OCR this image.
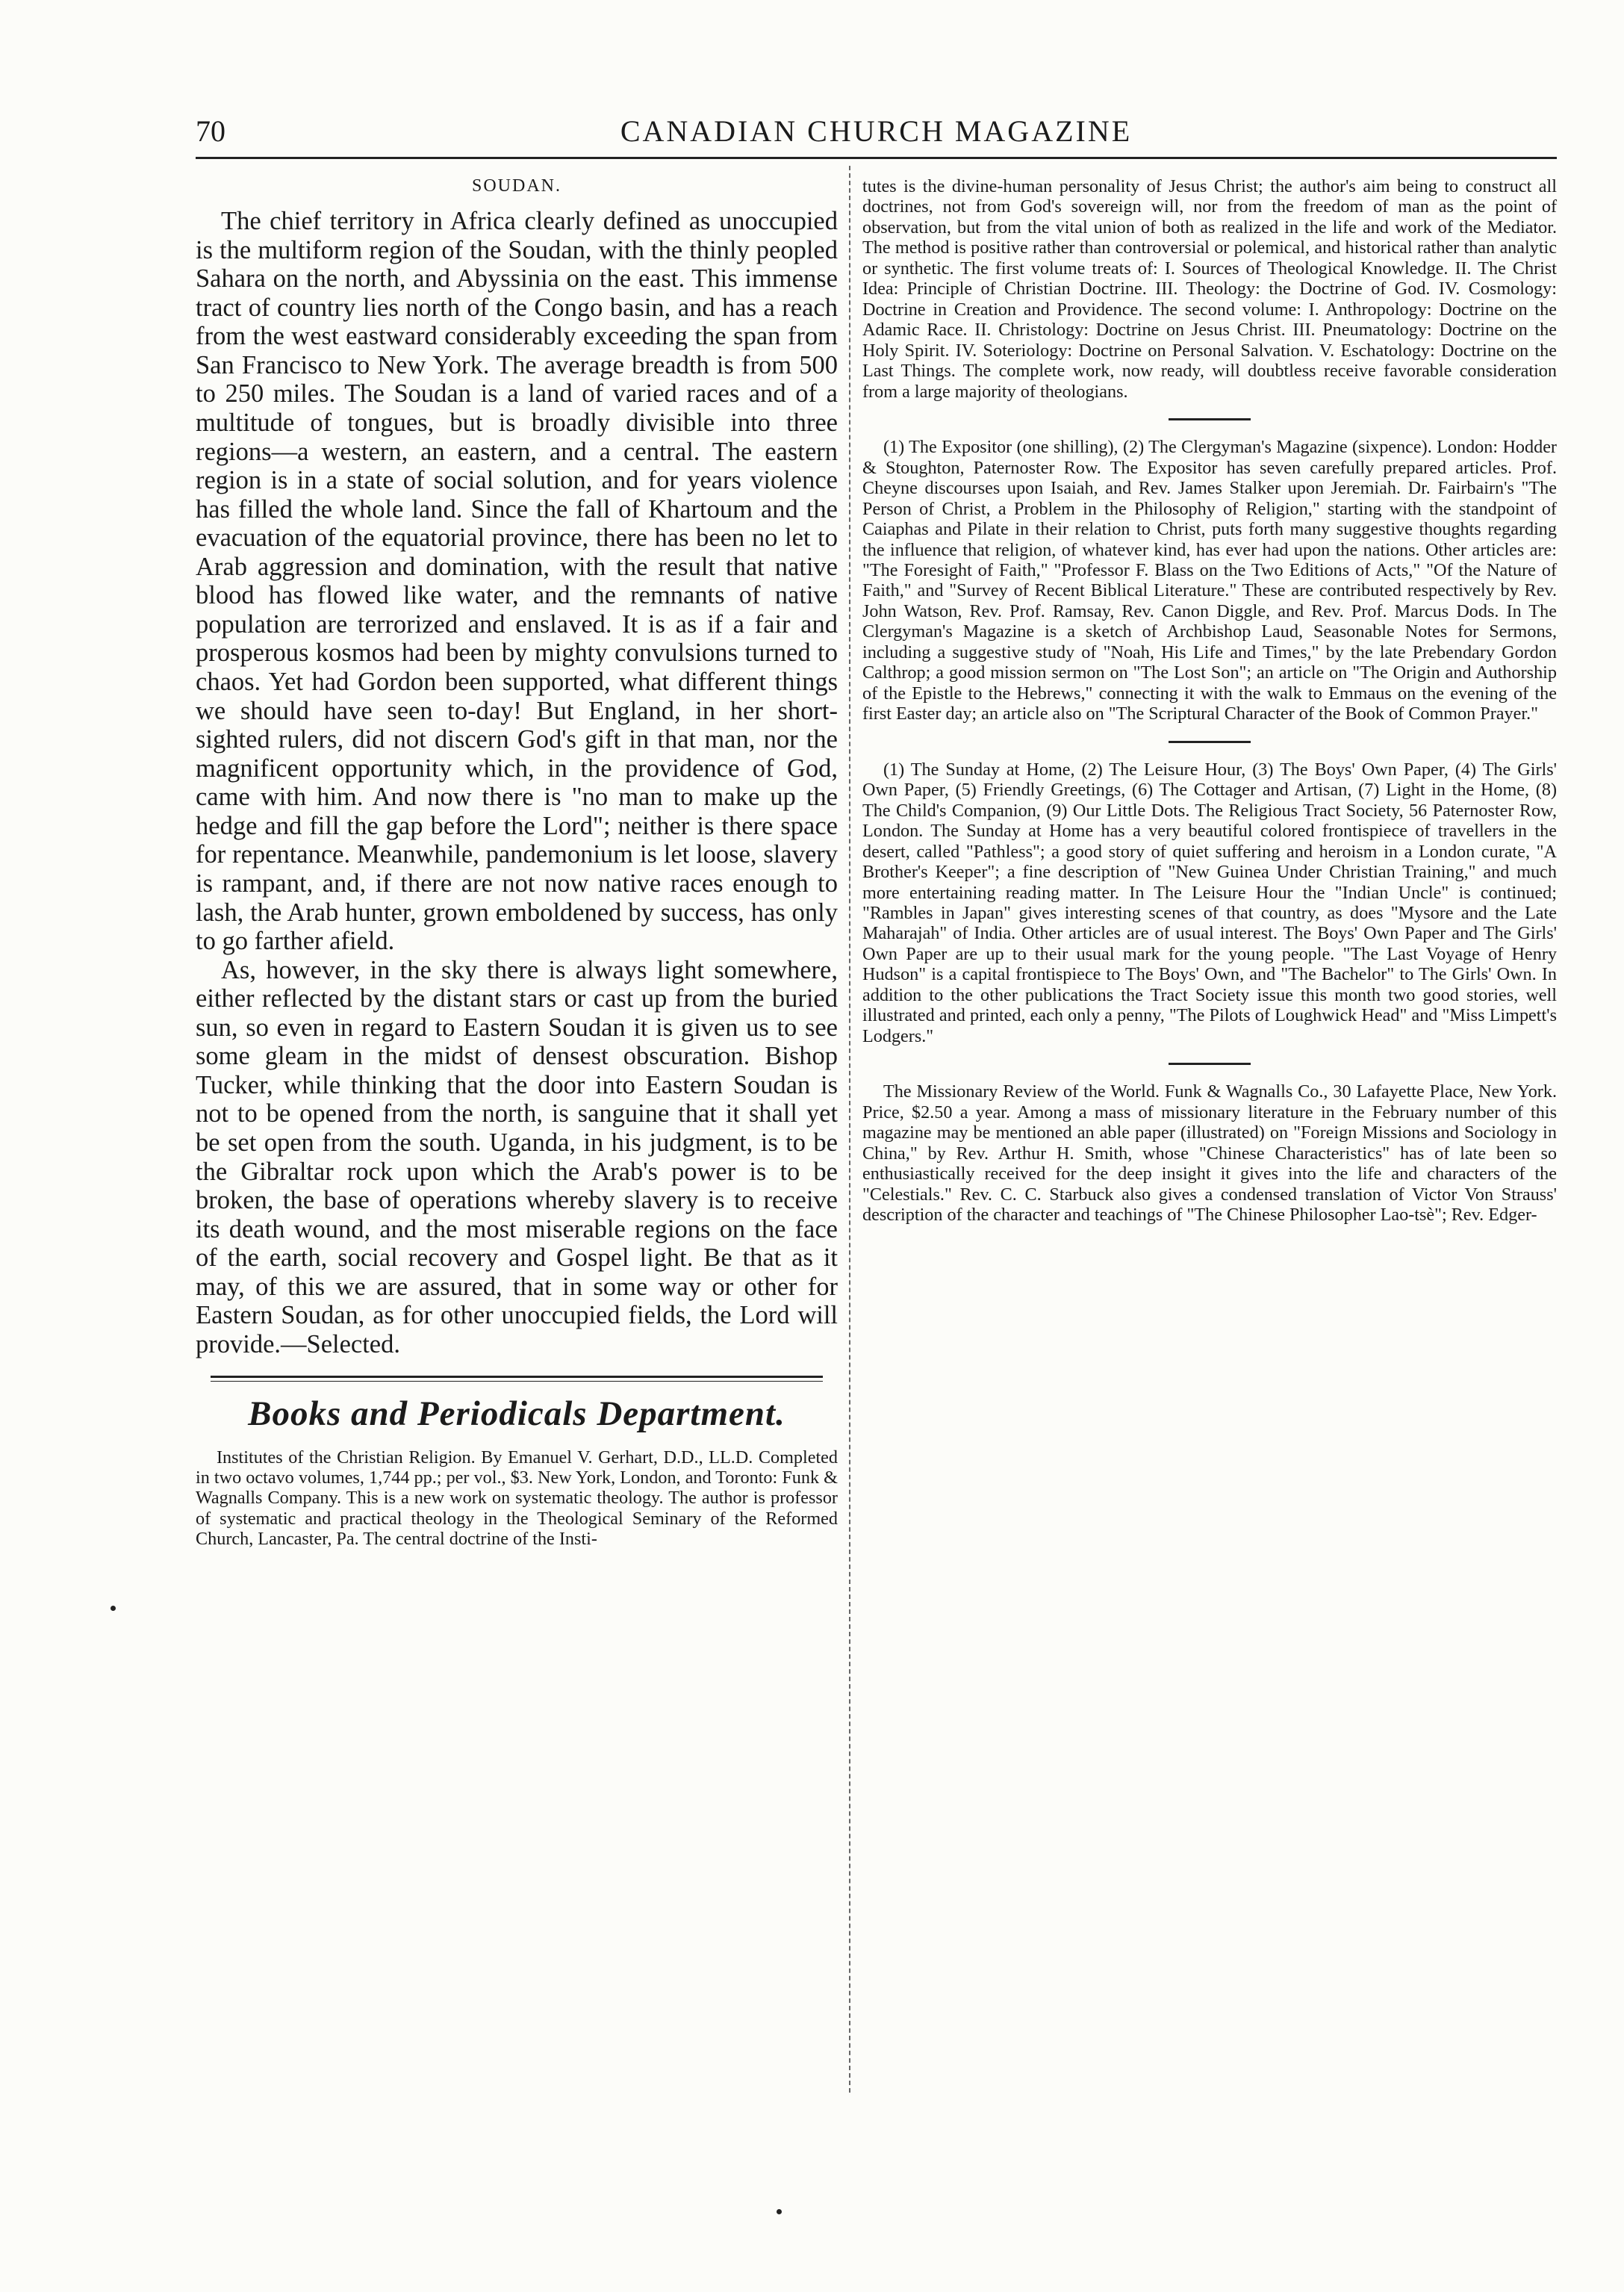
70	CANADIAN CHURCH MAGAZINE
SOUDAN.

The chief territory in Africa clearly defined as unoccupied is the multiform region of the Soudan, with the thinly peopled Sahara on the north, and Abyssinia on the east. This immense tract of country lies north of the Congo basin, and has a reach from the west eastward considerably exceeding the span from San Francisco to New York. The average breadth is from 500 to 250 miles. The Soudan is a land of varied races and of a multitude of tongues, but is broadly divisible into three regions—a western, an eastern, and a central. The eastern region is in a state of social solution, and for years violence has filled the whole land. Since the fall of Khartoum and the evacuation of the equatorial province, there has been no let to Arab aggression and domination, with the result that native blood has flowed like water, and the remnants of native population are terrorized and enslaved. It is as if a fair and prosperous kosmos had been by mighty convulsions turned to chaos. Yet had Gordon been supported, what different things we should have seen to-day! But England, in her short-sighted rulers, did not discern God's gift in that man, nor the magnificent opportunity which, in the providence of God, came with him. And now there is "no man to make up the hedge and fill the gap before the Lord"; neither is there space for repentance. Meanwhile, pandemonium is let loose, slavery is rampant, and, if there are not now native races enough to lash, the Arab hunter, grown emboldened by success, has only to go farther afield.

As, however, in the sky there is always light somewhere, either reflected by the distant stars or cast up from the buried sun, so even in regard to Eastern Soudan it is given us to see some gleam in the midst of densest obscuration. Bishop Tucker, while thinking that the door into Eastern Soudan is not to be opened from the north, is sanguine that it shall yet be set open from the south. Uganda, in his judgment, is to be the Gibraltar rock upon which the Arab's power is to be broken, the base of operations whereby slavery is to receive its death wound, and the most miserable regions on the face of the earth, social recovery and Gospel light. Be that as it may, of this we are assured, that in some way or other for Eastern Soudan, as for other unoccupied fields, the Lord will provide.—Selected.

Books and Periodicals Department.

Institutes of the Christian Religion. By Emanuel V. Gerhart, D.D., LL.D. Completed in two octavo volumes, 1,744 pp.; per vol., $3. New York, London, and Toronto: Funk & Wagnalls Company. This is a new work on systematic theology. The author is professor of systematic and practical theology in the Theological Seminary of the Reformed Church, Lancaster, Pa. The central doctrine of the Insti-

tutes is the divine-human personality of Jesus Christ; the author's aim being to construct all doctrines, not from God's sovereign will, nor from the freedom of man as the point of observation, but from the vital union of both as realized in the life and work of the Mediator. The method is positive rather than controversial or polemical, and historical rather than analytic or synthetic. The first volume treats of: I. Sources of Theological Knowledge. II. The Christ Idea: Principle of Christian Doctrine. III. Theology: the Doctrine of God. IV. Cosmology: Doctrine in Creation and Providence. The second volume: I. Anthropology: Doctrine on the Adamic Race. II. Christology: Doctrine on Jesus Christ. III. Pneumatology: Doctrine on the Holy Spirit. IV. Soteriology: Doctrine on Personal Salvation. V. Eschatology: Doctrine on the Last Things. The complete work, now ready, will doubtless receive favorable consideration from a large majority of theologians.

(1) The Expositor (one shilling), (2) The Clergyman's Magazine (sixpence). London: Hodder & Stoughton, Paternoster Row. The Expositor has seven carefully prepared articles. Prof. Cheyne discourses upon Isaiah, and Rev. James Stalker upon Jeremiah. Dr. Fairbairn's "The Person of Christ, a Problem in the Philosophy of Religion," starting with the standpoint of Caiaphas and Pilate in their relation to Christ, puts forth many suggestive thoughts regarding the influence that religion, of whatever kind, has ever had upon the nations. Other articles are: "The Foresight of Faith," "Professor F. Blass on the Two Editions of Acts," "Of the Nature of Faith," and "Survey of Recent Biblical Literature." These are contributed respectively by Rev. John Watson, Rev. Prof. Ramsay, Rev. Canon Diggle, and Rev. Prof. Marcus Dods. In The Clergyman's Magazine is a sketch of Archbishop Laud, Seasonable Notes for Sermons, including a suggestive study of "Noah, His Life and Times," by the late Prebendary Gordon Calthrop; a good mission sermon on "The Lost Son"; an article on "The Origin and Authorship of the Epistle to the Hebrews," connecting it with the walk to Emmaus on the evening of the first Easter day; an article also on "The Scriptural Character of the Book of Common Prayer."

(1) The Sunday at Home, (2) The Leisure Hour, (3) The Boys' Own Paper, (4) The Girls' Own Paper, (5) Friendly Greetings, (6) The Cottager and Artisan, (7) Light in the Home, (8) The Child's Companion, (9) Our Little Dots. The Religious Tract Society, 56 Paternoster Row, London. The Sunday at Home has a very beautiful colored frontispiece of travellers in the desert, called "Pathless"; a good story of quiet suffering and heroism in a London curate, "A Brother's Keeper"; a fine description of "New Guinea Under Christian Training," and much more entertaining reading matter. In The Leisure Hour the "Indian Uncle" is continued; "Rambles in Japan" gives interesting scenes of that country, as does "Mysore and the Late Maharajah" of India. Other articles are of usual interest. The Boys' Own Paper and The Girls' Own Paper are up to their usual mark for the young people. "The Last Voyage of Henry Hudson" is a capital frontispiece to The Boys' Own, and "The Bachelor" to The Girls' Own. In addition to the other publications the Tract Society issue this month two good stories, well illustrated and printed, each only a penny, "The Pilots of Loughwick Head" and "Miss Limpett's Lodgers."

The Missionary Review of the World. Funk & Wagnalls Co., 30 Lafayette Place, New York. Price, $2.50 a year. Among a mass of missionary literature in the February number of this magazine may be mentioned an able paper (illustrated) on "Foreign Missions and Sociology in China," by Rev. Arthur H. Smith, whose "Chinese Characteristics" has of late been so enthusiastically received for the deep insight it gives into the life and characters of the "Celestials." Rev. C. C. Starbuck also gives a condensed translation of Victor Von Strauss' description of the character and teachings of "The Chinese Philosopher Lao-tsè"; Rev. Edger-
